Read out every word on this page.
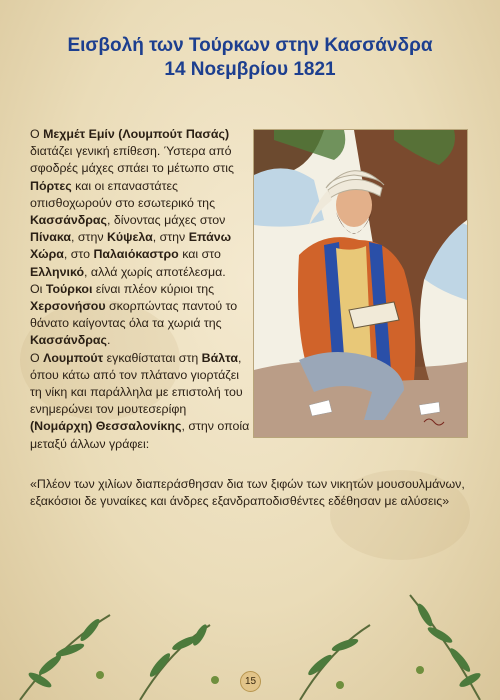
Εισβολή των Τούρκων στην Κασσάνδρα
14 Νοεμβρίου 1821
Ο Μεχμέτ Εμίν (Λουμπούτ Πασάς) διατάζει γενική επίθεση. Ύστερα από σφοδρές μάχες σπάει το μέτωπο στις Πόρτες και οι επαναστάτες οπισθοχωρούν στο εσωτερικό της Κασσάνδρας, δίνοντας μάχες στον Πίνακα, στην Κύψελα, στην Επάνω Χώρα, στο Παλαιόκαστρο και στο Ελληνικό, αλλά χωρίς αποτέλεσμα.
Οι Τούρκοι είναι πλέον κύριοι της Χερσονήσου σκορπώντας παντού το θάνατο καίγοντας όλα τα χωριά της Κασσάνδρας.
Ο Λουμπούτ εγκαθίσταται στη Βάλτα, όπου κάτω από τον πλάτανο γιορτάζει τη νίκη και παράλληλα με επιστολή του ενημερώνει τον μουτεσερίφη (Νομάρχη) Θεσσαλονίκης, στην οποία μεταξύ άλλων γράφει:
«Πλέον των χιλίων διαπεράσθησαν δια των ξιφών των νικητών μουσουλμάνων, εξακόσιοι δε γυναίκες και άνδρες εξανδραποδισθέντες εδέθησαν με αλύσεις»
15
